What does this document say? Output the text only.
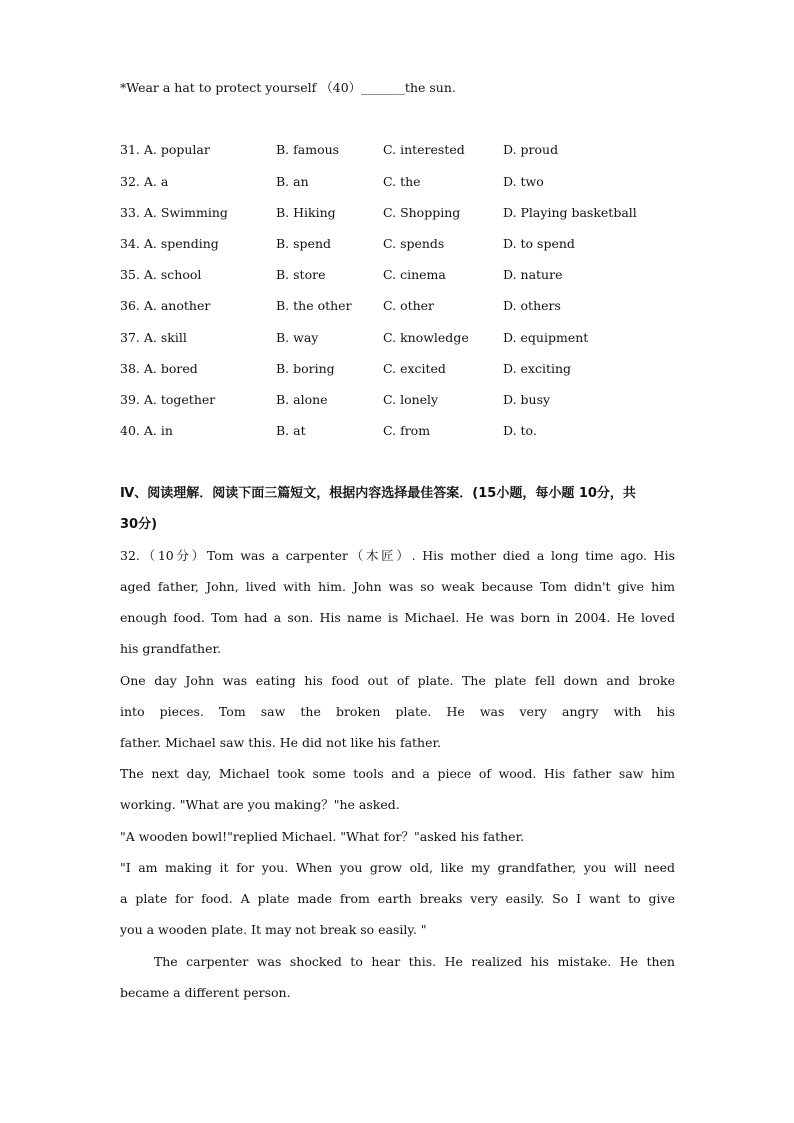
*Wear a hat to protect yourself （40）_______the sun.
31. A. popular	B. famous	C. interested	D. proud
32. A. a	B. an	C. the	D. two
33. A. Swimming	B. Hiking	C. Shopping	D. Playing basketball
34. A. spending	B. spend	C. spends	D. to spend
35. A. school	B. store	C. cinema	D. nature
36. A. another	B. the other	C. other	D. others
37. A. skill	B. way	C. knowledge	D. equipment
38. A. bored	B. boring	C. excited	D. exciting
39. A. together	B. alone	C. lonely	D. busy
40. A. in	B. at	C. from	D. to.
Ⅳ、阅读理解．阅读下面三篇短文，根据内容选择最佳答案．(15小题，每小题 10分，共
30分)
32.（10分）Tom was a carpenter（木匠）. His mother died a long time ago. His
aged father, John, lived with him. John was so weak because Tom didn't give him
enough food. Tom had a son. His name is Michael. He was born in 2004. He loved
his grandfather.
One day John was eating his food out of plate. The plate fell down and broke
into pieces. Tom saw the broken plate. He was very angry with his
father. Michael saw this. He did not like his father.
The next day, Michael took some tools and a piece of wood. His father saw him
working. "What are you making？"he asked.
"A wooden bowl!"replied Michael. "What for？"asked his father.
"I am making it for you. When you grow old, like my grandfather, you will need
a plate for food. A plate made from earth breaks very easily. So I want to give
you a wooden plate. It may not break so easily. "
The carpenter was shocked to hear this. He realized his mistake. He then
became a different person.
